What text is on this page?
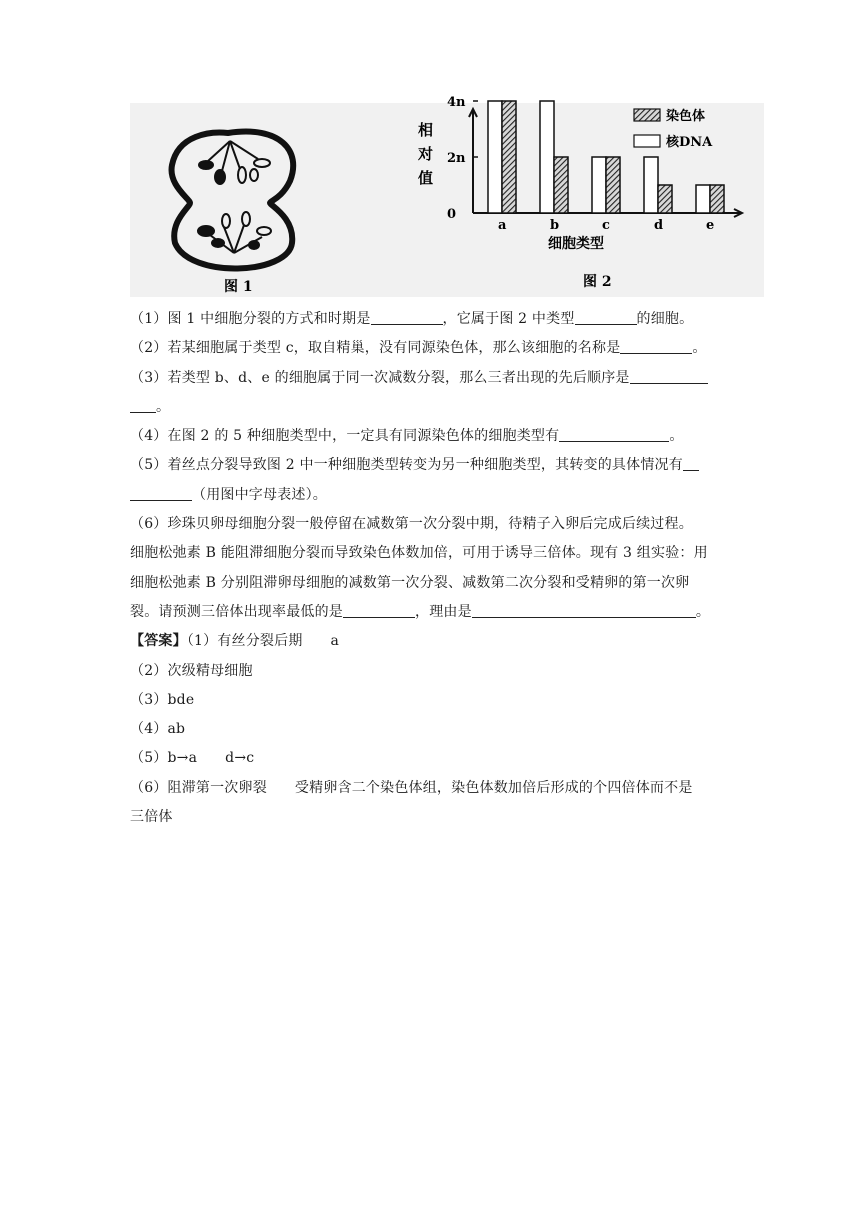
图 1
0
2n
4n
相
对
值
a	b	c	d	e
细胞类型
图 2
染色体
核DNA

（1）图 1 中细胞分裂的方式和时期是	，它属于图 2 中类型	的细胞。

（2）若某细胞属于类型 c，取自精巢，没有同源染色体，那么该细胞的名称是	。

（3）若类型 b、d、e 的细胞属于同一次减数分裂，那么三者出现的先后顺序是
。

（4）在图 2 的 5 种细胞类型中，一定具有同源染色体的细胞类型有	。

（5）着丝点分裂导致图 2 中一种细胞类型转变为另一种细胞类型，其转变的具体情况有
（用图中字母表述）。

（6）珍珠贝卵母细胞分裂一般停留在减数第一次分裂中期，待精子入卵后完成后续过程。
细胞松弛素 B 能阻滞细胞分裂而导致染色体数加倍，可用于诱导三倍体。现有 3 组实验：用
细胞松弛素 B 分别阻滞卵母细胞的减数第一次分裂、减数第二次分裂和受精卵的第一次卵
裂。请预测三倍体出现率最低的是	，理由是	。

【答案】（1）有丝分裂后期 a

（2）次级精母细胞

（3）bde

（4）ab

（5）b→a d→c

（6）阻滞第一次卵裂 受精卵含二个染色体组，染色体数加倍后形成的个四倍体而不是
三倍体
